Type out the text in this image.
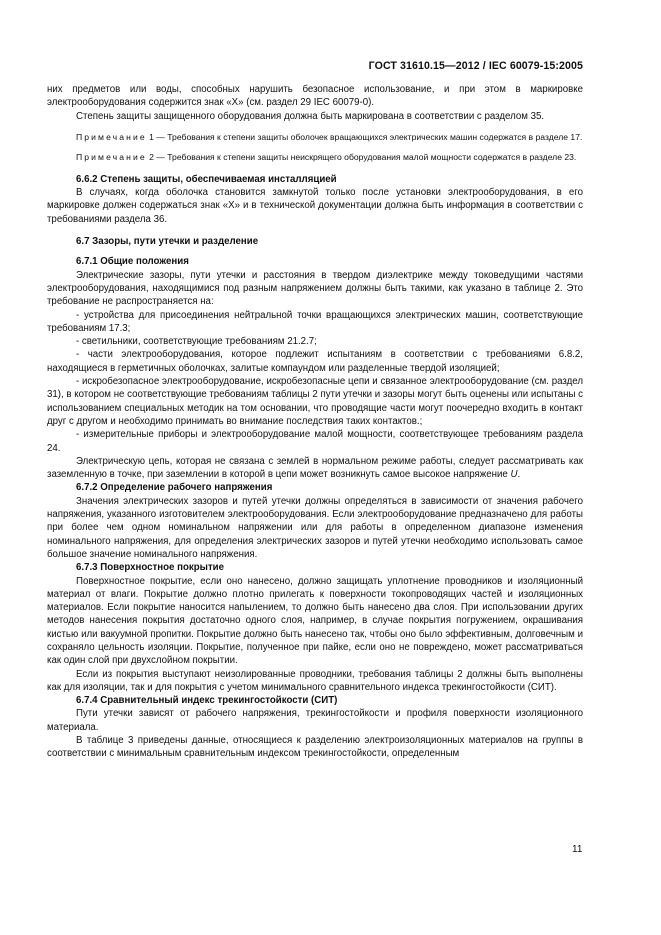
ГОСТ 31610.15—2012 / IEC 60079-15:2005

них предметов или воды, способных нарушить безопасное использование, и при этом в маркировке электрооборудования содержится знак «X» (см. раздел 29 IEC 60079-0).

Степень защиты защищенного оборудования должна быть маркирована в соответствии с разделом 35.

Примечание 1 — Требования к степени защиты оболочек вращающихся электрических машин содержатся в разделе 17.

Примечание 2 — Требования к степени защиты неискрящего оборудования малой мощности содержатся в разделе 23.

6.6.2 Степень защиты, обеспечиваемая инсталляцией

В случаях, когда оболочка становится замкнутой только после установки электрооборудования, в его маркировке должен содержаться знак «X» и в технической документации должна быть информация в соответствии с требованиями раздела 36.

6.7 Зазоры, пути утечки и разделение

6.7.1 Общие положения

Электрические зазоры, пути утечки и расстояния в твердом диэлектрике между токоведущими частями электрооборудования, находящимися под разным напряжением должны быть такими, как указано в таблице 2. Это требование не распространяется на:

- устройства для присоединения нейтральной точки вращающихся электрических машин, соответствующие требованиям 17.3;

- светильники, соответствующие требованиям 21.2.7;

- части электрооборудования, которое подлежит испытаниям в соответствии с требованиями 6.8.2, находящиеся в герметичных оболочках, залитые компаундом или разделенные твердой изоляцией;

- искробезопасное электрооборудование, искробезопасные цепи и связанное электрооборудование (см. раздел 31), в котором не соответствующие требованиям таблицы 2 пути утечки и зазоры могут быть оценены или испытаны с использованием специальных методик на том основании, что проводящие части могут поочередно входить в контакт друг с другом и необходимо принимать во внимание последствия таких контактов.;

- измерительные приборы и электрооборудование малой мощности, соответствующее требованиям раздела 24.

Электрическую цепь, которая не связана с землей в нормальном режиме работы, следует рассматривать как заземленную в точке, при заземлении в которой в цепи может возникнуть самое высокое напряжение U.

6.7.2 Определение рабочего напряжения

Значения электрических зазоров и путей утечки должны определяться в зависимости от значения рабочего напряжения, указанного изготовителем электрооборудования. Если электрооборудование предназначено для работы при более чем одном номинальном напряжении или для работы в определенном диапазоне изменения номинального напряжения, для определения электрических зазоров и путей утечки необходимо использовать самое большое значение номинального напряжения.

6.7.3 Поверхностное покрытие

Поверхностное покрытие, если оно нанесено, должно защищать уплотнение проводников и изоляционный материал от влаги. Покрытие должно плотно прилегать к поверхности токопроводящих частей и изоляционных материалов. Если покрытие наносится напылением, то должно быть нанесено два слоя. При использовании других методов нанесения покрытия достаточно одного слоя, например, в случае покрытия погружением, окрашивания кистью или вакуумной пропитки. Покрытие должно быть нанесено так, чтобы оно было эффективным, долговечным и сохраняло цельность изоляции. Покрытие, полученное при пайке, если оно не повреждено, может рассматриваться как один слой при двухслойном покрытии.

Если из покрытия выступают неизолированные проводники, требования таблицы 2 должны быть выполнены как для изоляции, так и для покрытия с учетом минимального сравнительного индекса трекингостойкости (СИТ).

6.7.4 Сравнительный индекс трекингостойкости (СИТ)

Пути утечки зависят от рабочего напряжения, трекингостойкости и профиля поверхности изоляционного материала.

В таблице 3 приведены данные, относящиеся к разделению электроизоляционных материалов на группы в соответствии с минимальным сравнительным индексом трекингостойкости, определенным

11
